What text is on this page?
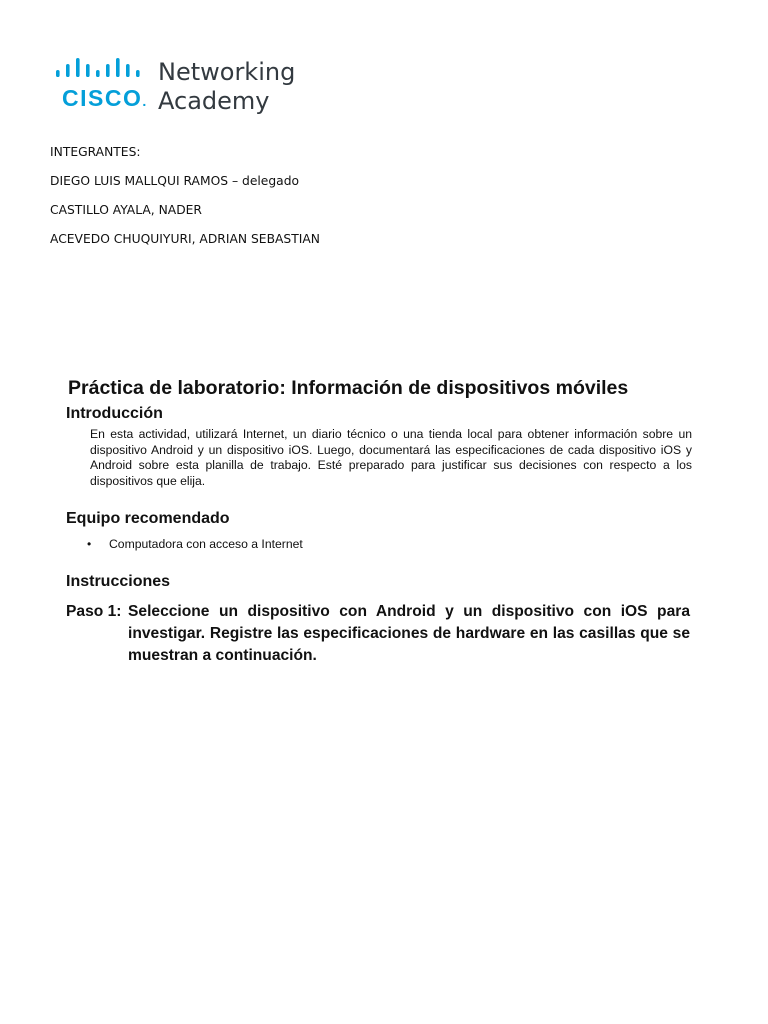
CISCO.
Networking
Academy
INTEGRANTES:
DIEGO LUIS MALLQUI RAMOS – delegado
CASTILLO AYALA, NADER
ACEVEDO CHUQUIYURI, ADRIAN SEBASTIAN
Práctica de laboratorio: Información de dispositivos móviles
Introducción
En esta actividad, utilizará Internet, un diario técnico o una tienda local para obtener información sobre un dispositivo Android y un dispositivo iOS. Luego, documentará las especificaciones de cada dispositivo iOS y Android sobre esta planilla de trabajo. Esté preparado para justificar sus decisiones con respecto a los dispositivos que elija.
Equipo recomendado
•	Computadora con acceso a Internet
Instrucciones
Paso 1: Seleccione un dispositivo con Android y un dispositivo con iOS para investigar. Registre las especificaciones de hardware en las casillas que se muestran a continuación.
